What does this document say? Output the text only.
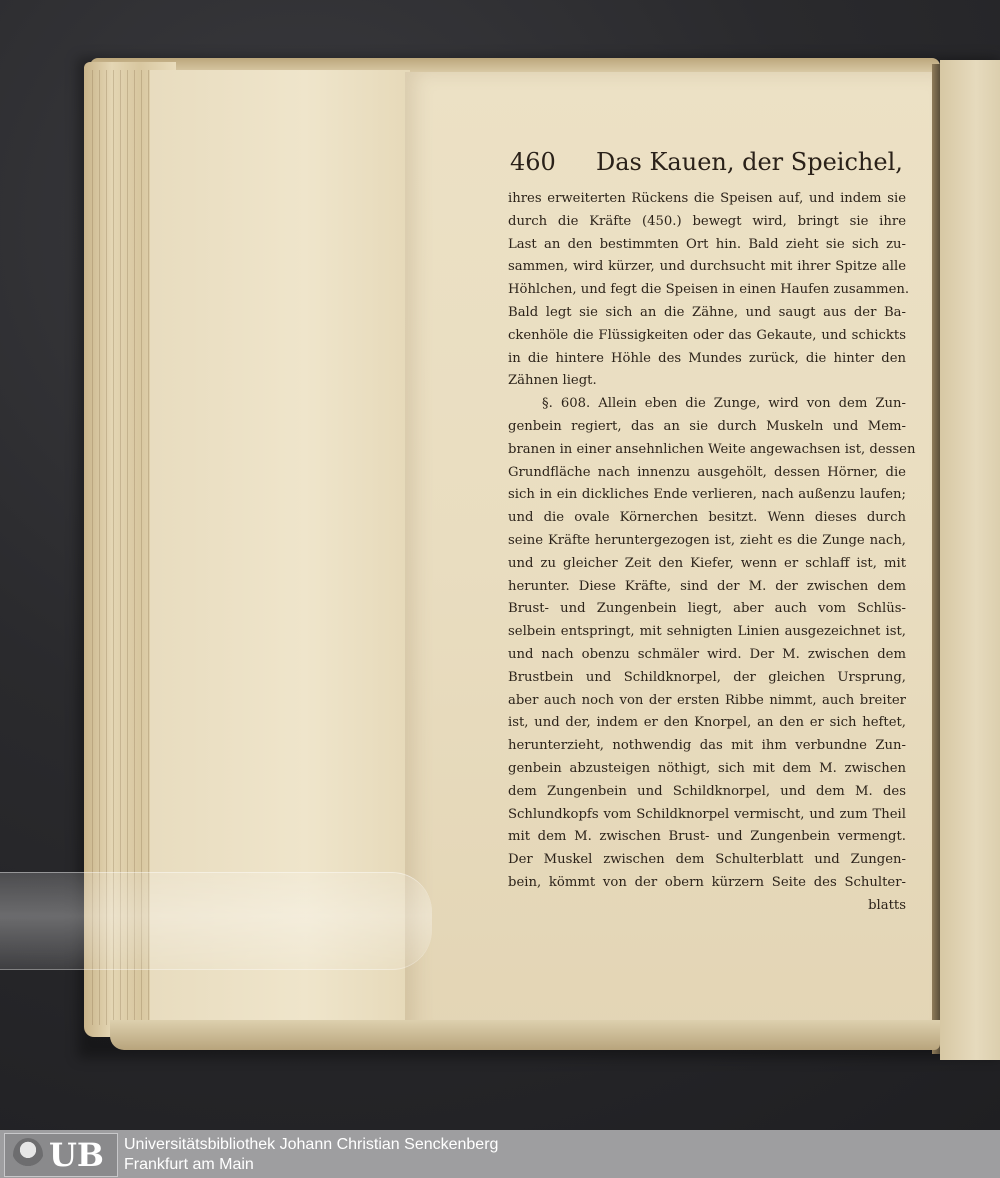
460 Das Kauen, der Speichel,
ihres erweiterten Rückens die Speisen auf, und indem sie
durch die Kräfte (450.) bewegt wird, bringt sie ihre
Last an den bestimmten Ort hin. Bald zieht sie sich zu-
sammen, wird kürzer, und durchsucht mit ihrer Spitze alle
Höhlchen, und fegt die Speisen in einen Haufen zusammen.
Bald legt sie sich an die Zähne, und saugt aus der Ba-
ckenhöle die Flüssigkeiten oder das Gekaute, und schickts
in die hintere Höhle des Mundes zurück, die hinter den
Zähnen liegt.
§. 608. Allein eben die Zunge, wird von dem Zun-
genbein regiert, das an sie durch Muskeln und Mem-
branen in einer ansehnlichen Weite angewachsen ist, dessen
Grundfläche nach innenzu ausgehölt, dessen Hörner, die
sich in ein dickliches Ende verlieren, nach außenzu laufen;
und die ovale Körnerchen besitzt. Wenn dieses durch
seine Kräfte heruntergezogen ist, zieht es die Zunge nach,
und zu gleicher Zeit den Kiefer, wenn er schlaff ist, mit
herunter. Diese Kräfte, sind der M. der zwischen dem
Brust- und Zungenbein liegt, aber auch vom Schlüs-
selbein entspringt, mit sehnigten Linien ausgezeichnet ist,
und nach obenzu schmäler wird. Der M. zwischen dem
Brustbein und Schildknorpel, der gleichen Ursprung,
aber auch noch von der ersten Ribbe nimmt, auch breiter
ist, und der, indem er den Knorpel, an den er sich heftet,
herunterzieht, nothwendig das mit ihm verbundne Zun-
genbein abzusteigen nöthigt, sich mit dem M. zwischen
dem Zungenbein und Schildknorpel, und dem M. des
Schlundkopfs vom Schildknorpel vermischt, und zum Theil
mit dem M. zwischen Brust- und Zungenbein vermengt.
Der Muskel zwischen dem Schulterblatt und Zungen-
bein, kömmt von der obern kürzern Seite des Schulter-
blatts
UB Universitätsbibliothek Johann Christian Senckenberg
Frankfurt am Main
